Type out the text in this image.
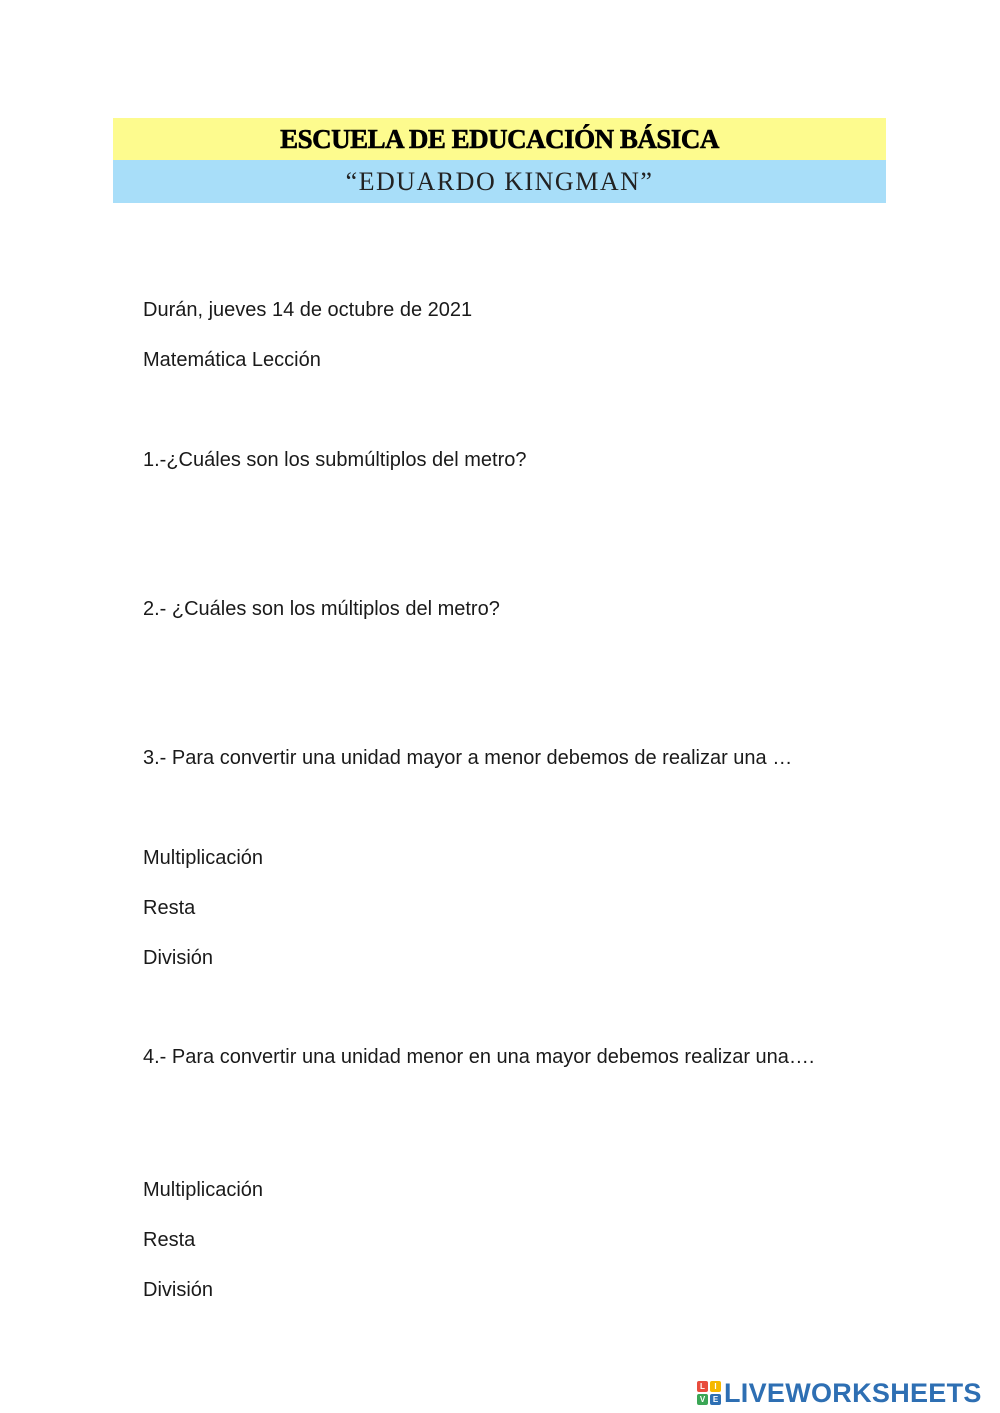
ESCUELA DE EDUCACIÓN BÁSICA
“EDUARDO KINGMAN”
Durán, jueves 14 de octubre de 2021
Matemática Lección
1.-¿Cuáles son los submúltiplos del metro?
2.- ¿Cuáles son los múltiplos del metro?
3.- Para convertir una unidad mayor a menor debemos de realizar una …
Multiplicación
Resta
División
4.- Para convertir una unidad menor en una mayor debemos realizar una….
Multiplicación
Resta
División
L	I
V E LIVEWORKSHEETS
